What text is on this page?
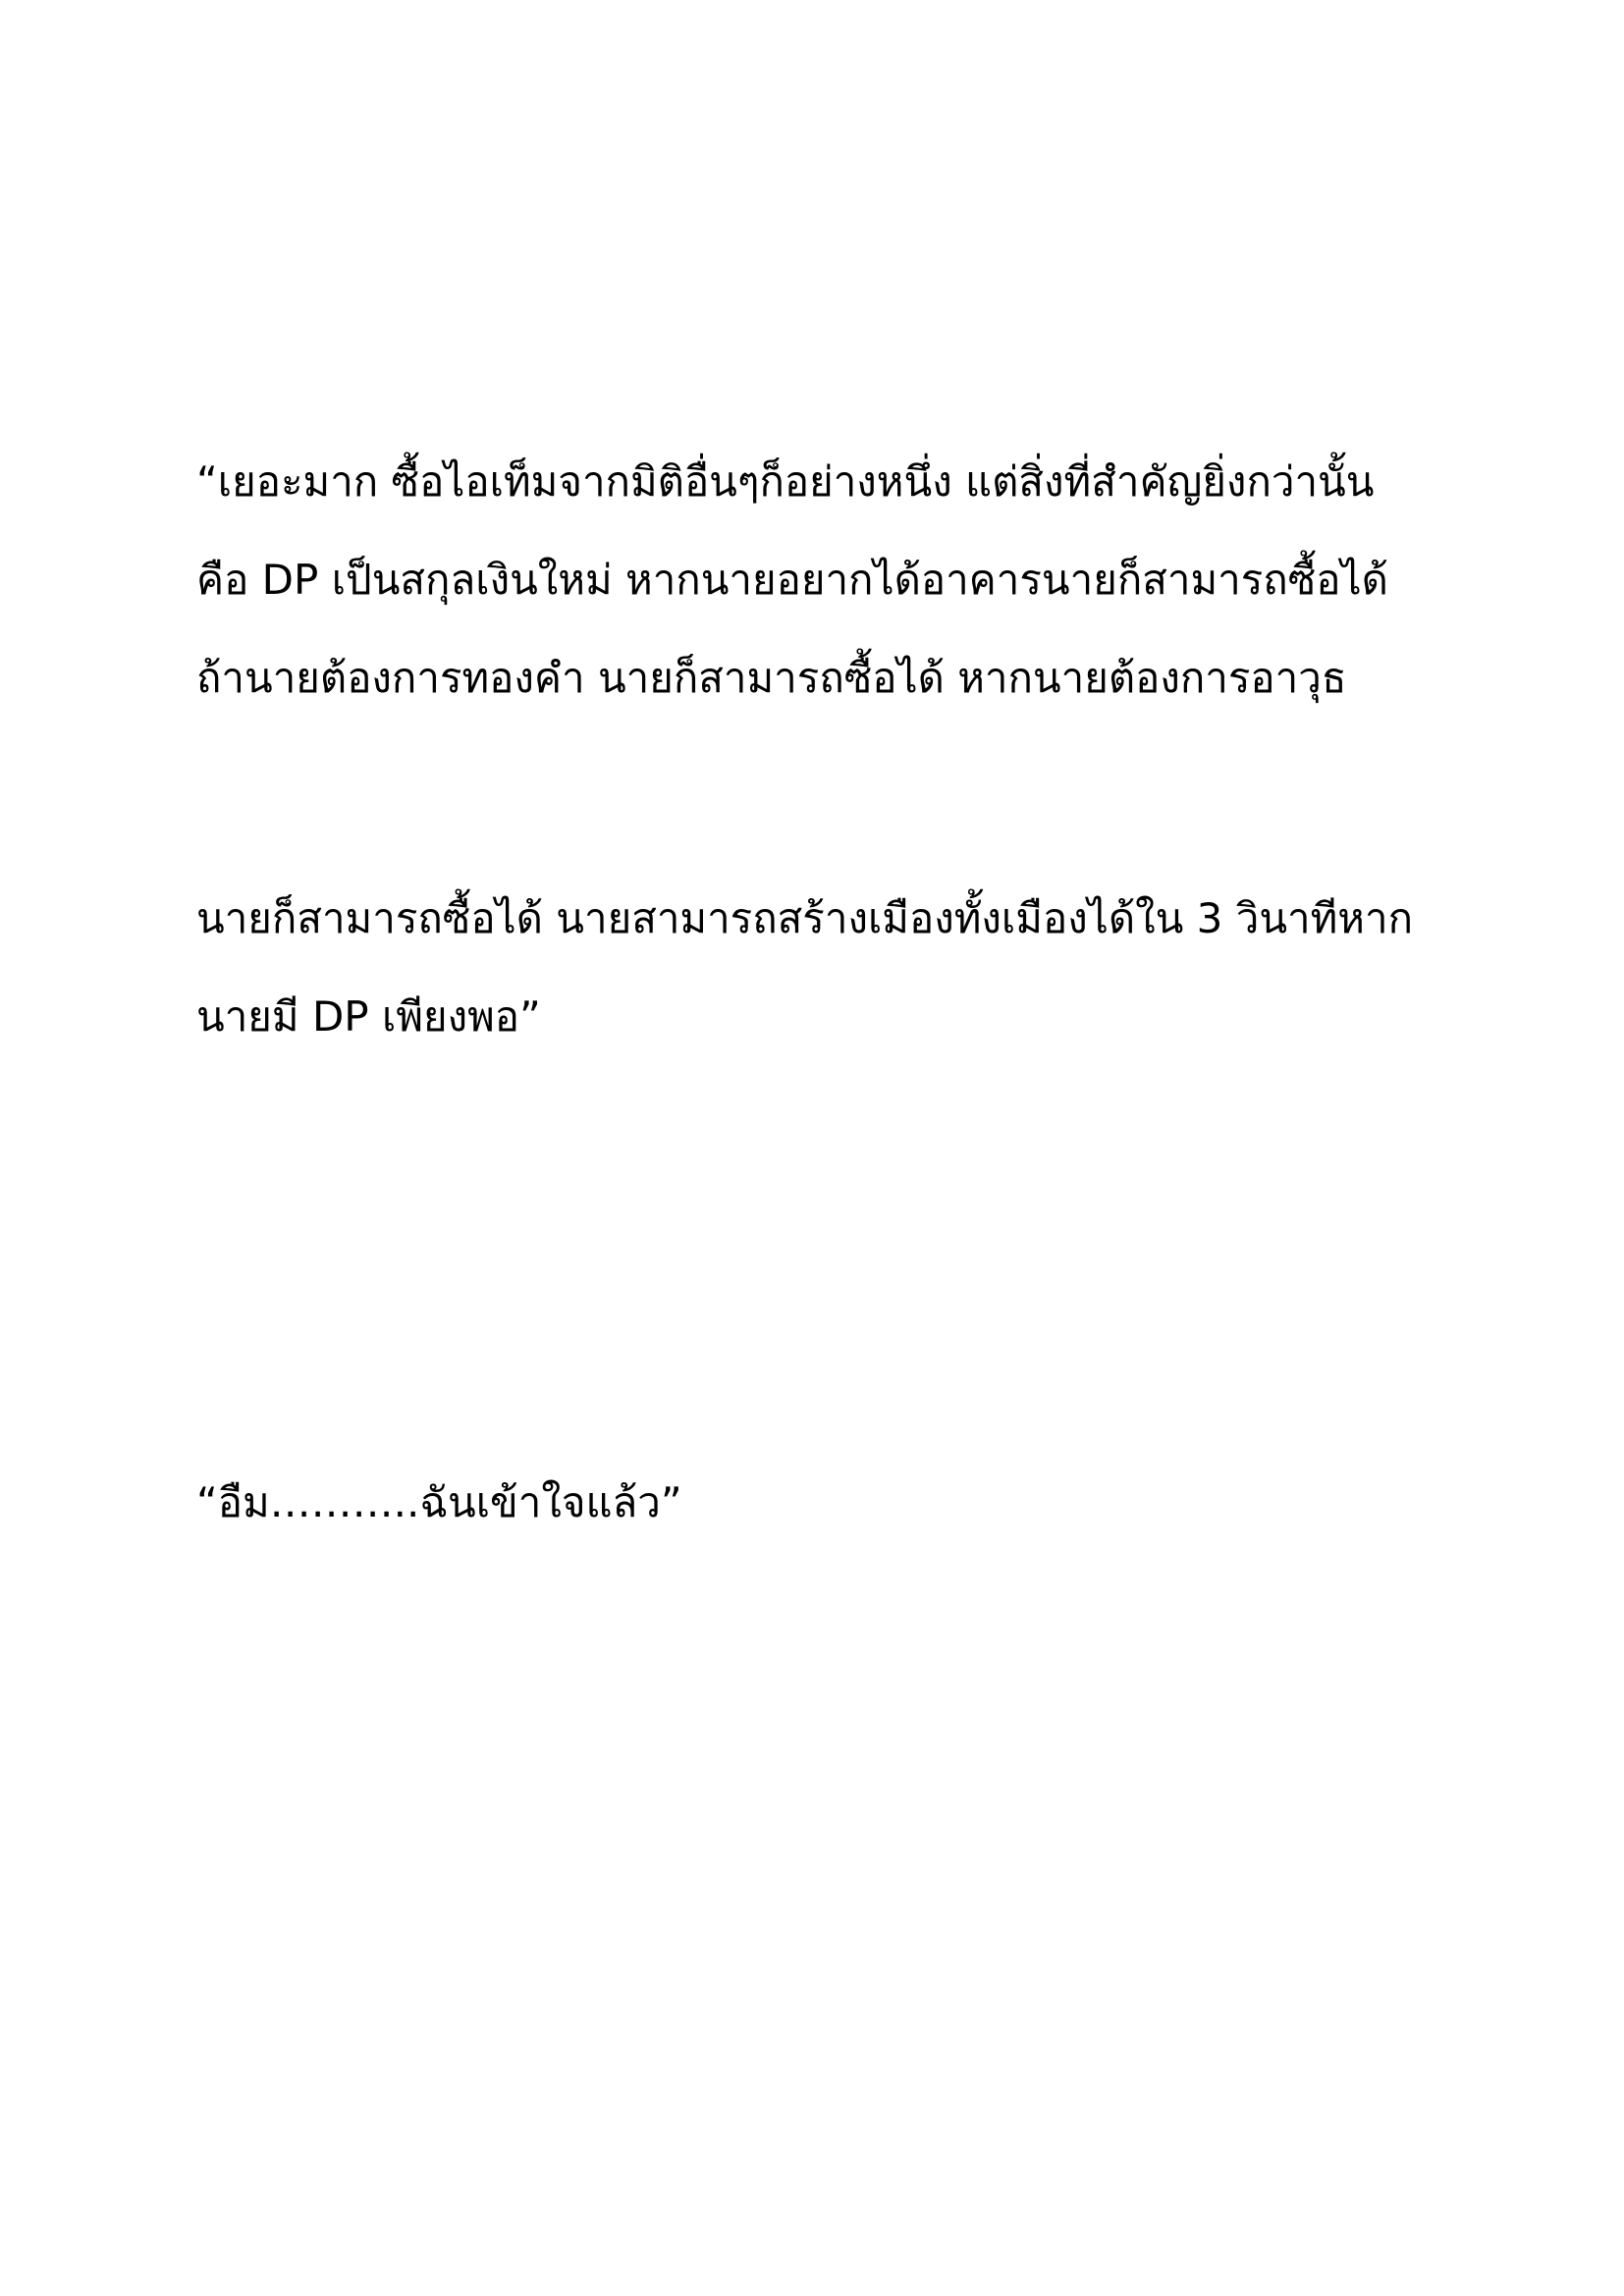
“เยอะมาก ซื้อไอเท็มจากมิติอื่นๆก็อย่างหนึ่ง แต่สิ่งที่สำคัญยิ่งกว่านั้น
คือ DP เป็นสกุลเงินใหม่ หากนายอยากได้อาคารนายก็สามารถซื้อได้
ถ้านายต้องการทองคำ นายก็สามารถซื้อได้ หากนายต้องการอาวุธ
นายก็สามารถซื้อได้ นายสามารถสร้างเมืองทั้งเมืองได้ใน 3 วินาทีหาก
นายมี DP เพียงพอ”
“อืม………..ฉันเข้าใจแล้ว”
